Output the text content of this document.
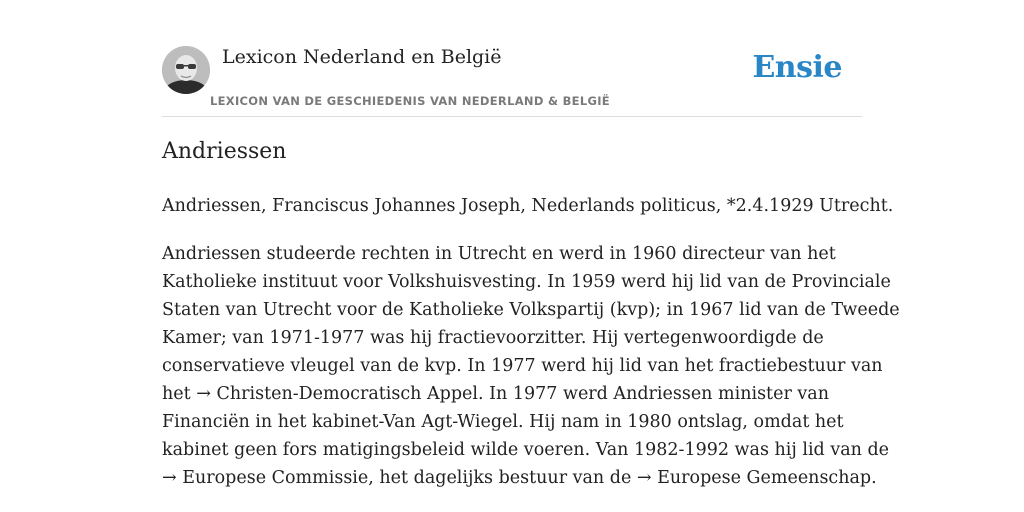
Lexicon Nederland en België
LEXICON VAN DE GESCHIEDENIS VAN NEDERLAND & BELGIË
Ensie
Andriessen
Andriessen, Franciscus Johannes Joseph, Nederlands politicus, *2.4.1929 Utrecht.
Andriessen studeerde rechten in Utrecht en werd in 1960 directeur van het
Katholieke instituut voor Volkshuisvesting. In 1959 werd hij lid van de Provinciale
Staten van Utrecht voor de Katholieke Volkspartij (kvp); in 1967 lid van de Tweede
Kamer; van 1971-1977 was hij fractievoorzitter. Hij vertegenwoordigde de
conservatieve vleugel van de kvp. In 1977 werd hij lid van het fractiebestuur van
het → Christen-Democratisch Appel. In 1977 werd Andriessen minister van
Financiën in het kabinet-Van Agt-Wiegel. Hij nam in 1980 ontslag, omdat het
kabinet geen fors matigingsbeleid wilde voeren. Van 1982-1992 was hij lid van de
→ Europese Commissie, het dagelijks bestuur van de → Europese Gemeenschap.
